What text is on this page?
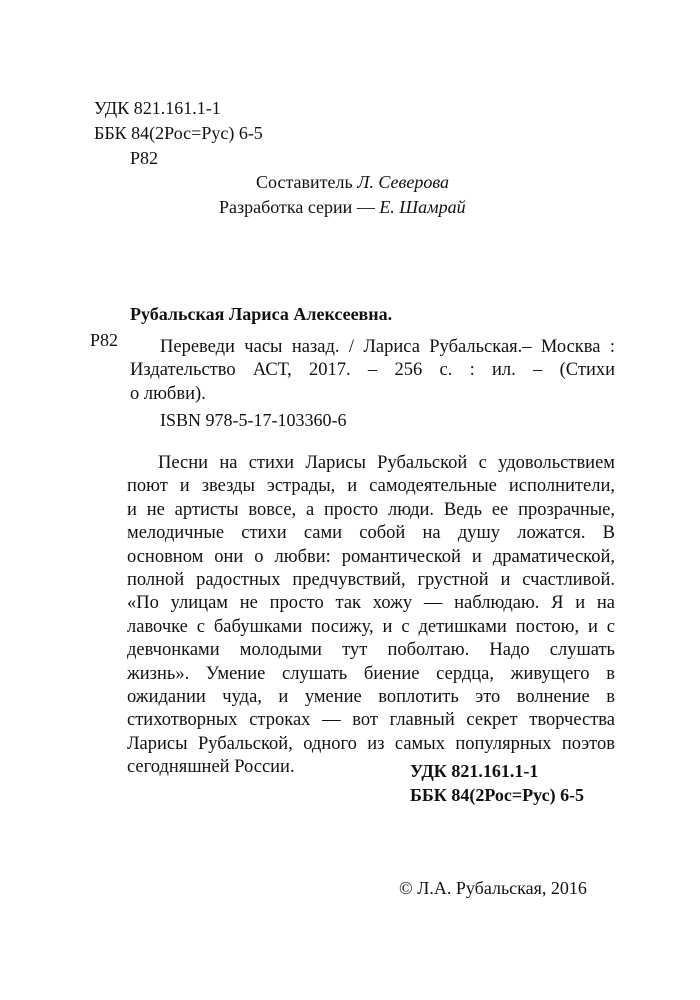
УДК 821.161.1-1
ББК 84(2Рос=Рус) 6-5
Р82
Составитель Л. Северова
Разработка серии — Е. Шамрай
Рубальская Лариса Алексеевна.
Р82	Переведи часы назад. / Лариса Рубальская.– Москва :
Издательство АСТ, 2017. – 256 с. : ил. – (Стихи
о любви).
ISBN 978-5-17-103360-6
Песни на стихи Ларисы Рубальской с удовольствием
поют и звезды эстрады, и самодеятельные исполнители,
и не артисты вовсе, а просто люди. Ведь ее прозрачные,
мелодичные стихи сами собой на душу ложатся. В
основном они о любви: романтической и драматической,
полной радостных предчувствий, грустной и счастливой.
«По улицам не просто так хожу — наблюдаю. Я и на
лавочке с бабушками посижу, и с детишками постою, и с
девчонками молодыми тут поболтаю. Надо слушать
жизнь». Умение слушать биение сердца, живущего в
ожидании чуда, и умение воплотить это волнение в
стихотворных строках — вот главный секрет творчества
Ларисы Рубальской, одного из самых популярных поэтов
сегодняшней России.	УДК 821.161.1-1
ББК 84(2Рос=Рус) 6-5
© Л.А. Рубальская, 2016
